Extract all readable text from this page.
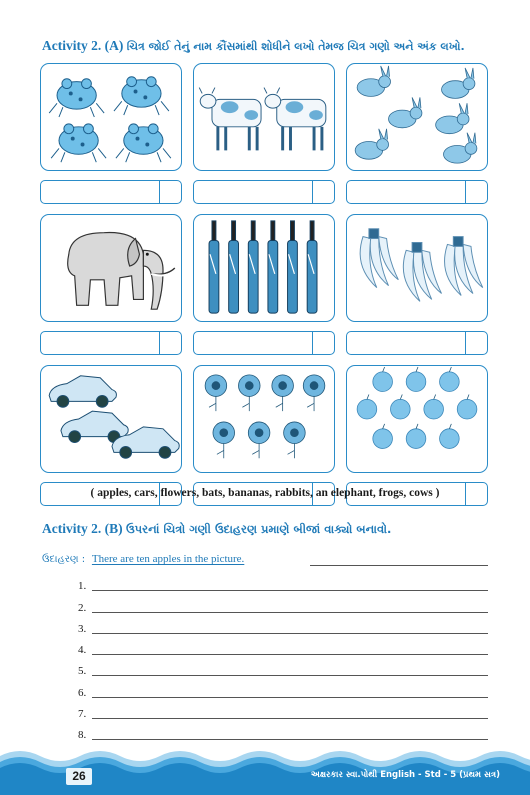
Activity 2. (A) ચિત્ર જોઈ તેનું નામ કૌંસમાંથી શોધીને લખો તેમજ ચિત્ર ગણો અને અંક લખો.
( apples, cars, flowers, bats, bananas, rabbits, an elephant, frogs, cows )
Activity 2. (B) ઉપરનાં ચિત્રો ગણી ઉદાહરણ પ્રમાણે બીજાં વાક્યો બનાવો.
ઉદાહરણ : There are ten apples in the picture.
1.
2.
3.
4.
5.
6.
7.
8.
26	અક્ષરકાર સ્વા.પોથી English - Std - 5 (પ્રથમ સત્ર)
